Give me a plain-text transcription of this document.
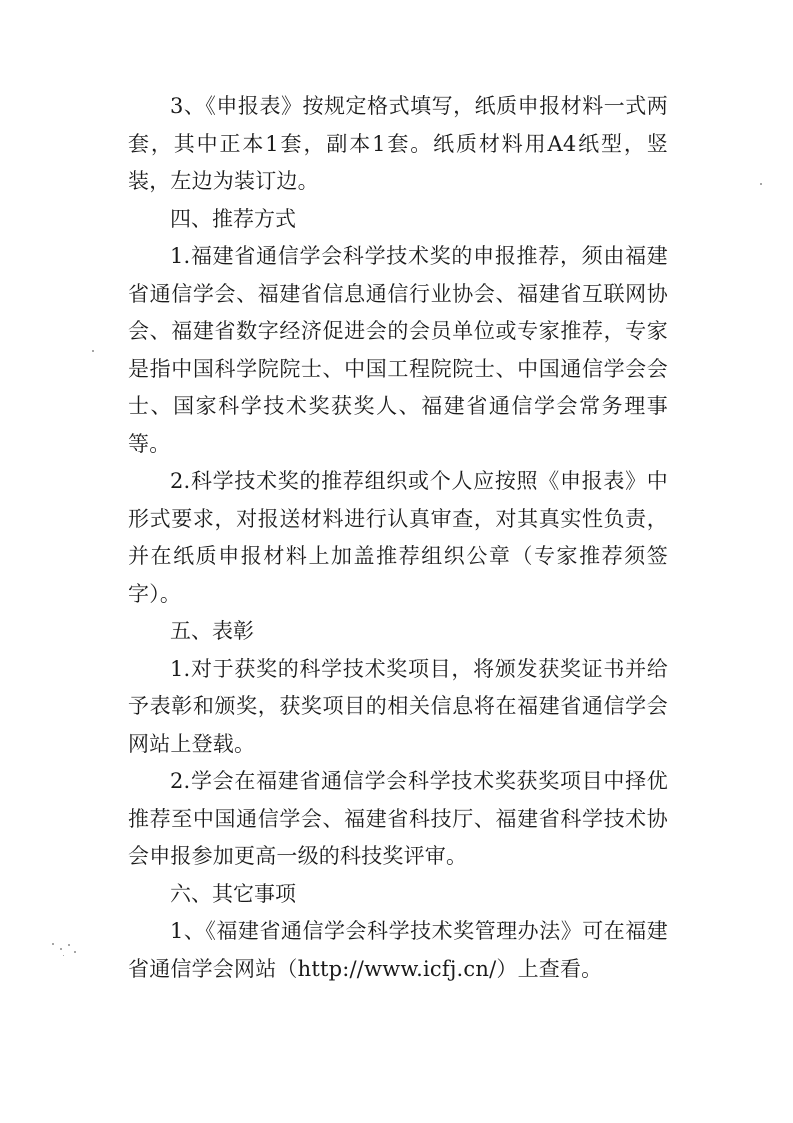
3、《申报表》按规定格式填写，纸质申报材料一式两套，其中正本1套，副本1套。纸质材料用A4纸型，竖装，左边为装订边。

四、推荐方式

1.福建省通信学会科学技术奖的申报推荐，须由福建省通信学会、福建省信息通信行业协会、福建省互联网协会、福建省数字经济促进会的会员单位或专家推荐，专家是指中国科学院院士、中国工程院院士、中国通信学会会士、国家科学技术奖获奖人、福建省通信学会常务理事等。

2.科学技术奖的推荐组织或个人应按照《申报表》中形式要求，对报送材料进行认真审查，对其真实性负责，并在纸质申报材料上加盖推荐组织公章（专家推荐须签字）。

五、表彰

1.对于获奖的科学技术奖项目，将颁发获奖证书并给予表彰和颁奖，获奖项目的相关信息将在福建省通信学会网站上登载。

2.学会在福建省通信学会科学技术奖获奖项目中择优推荐至中国通信学会、福建省科技厅、福建省科学技术协会申报参加更高一级的科技奖评审。

六、其它事项

1、《福建省通信学会科学技术奖管理办法》可在福建省通信学会网站（http://www.icfj.cn/）上查看。
